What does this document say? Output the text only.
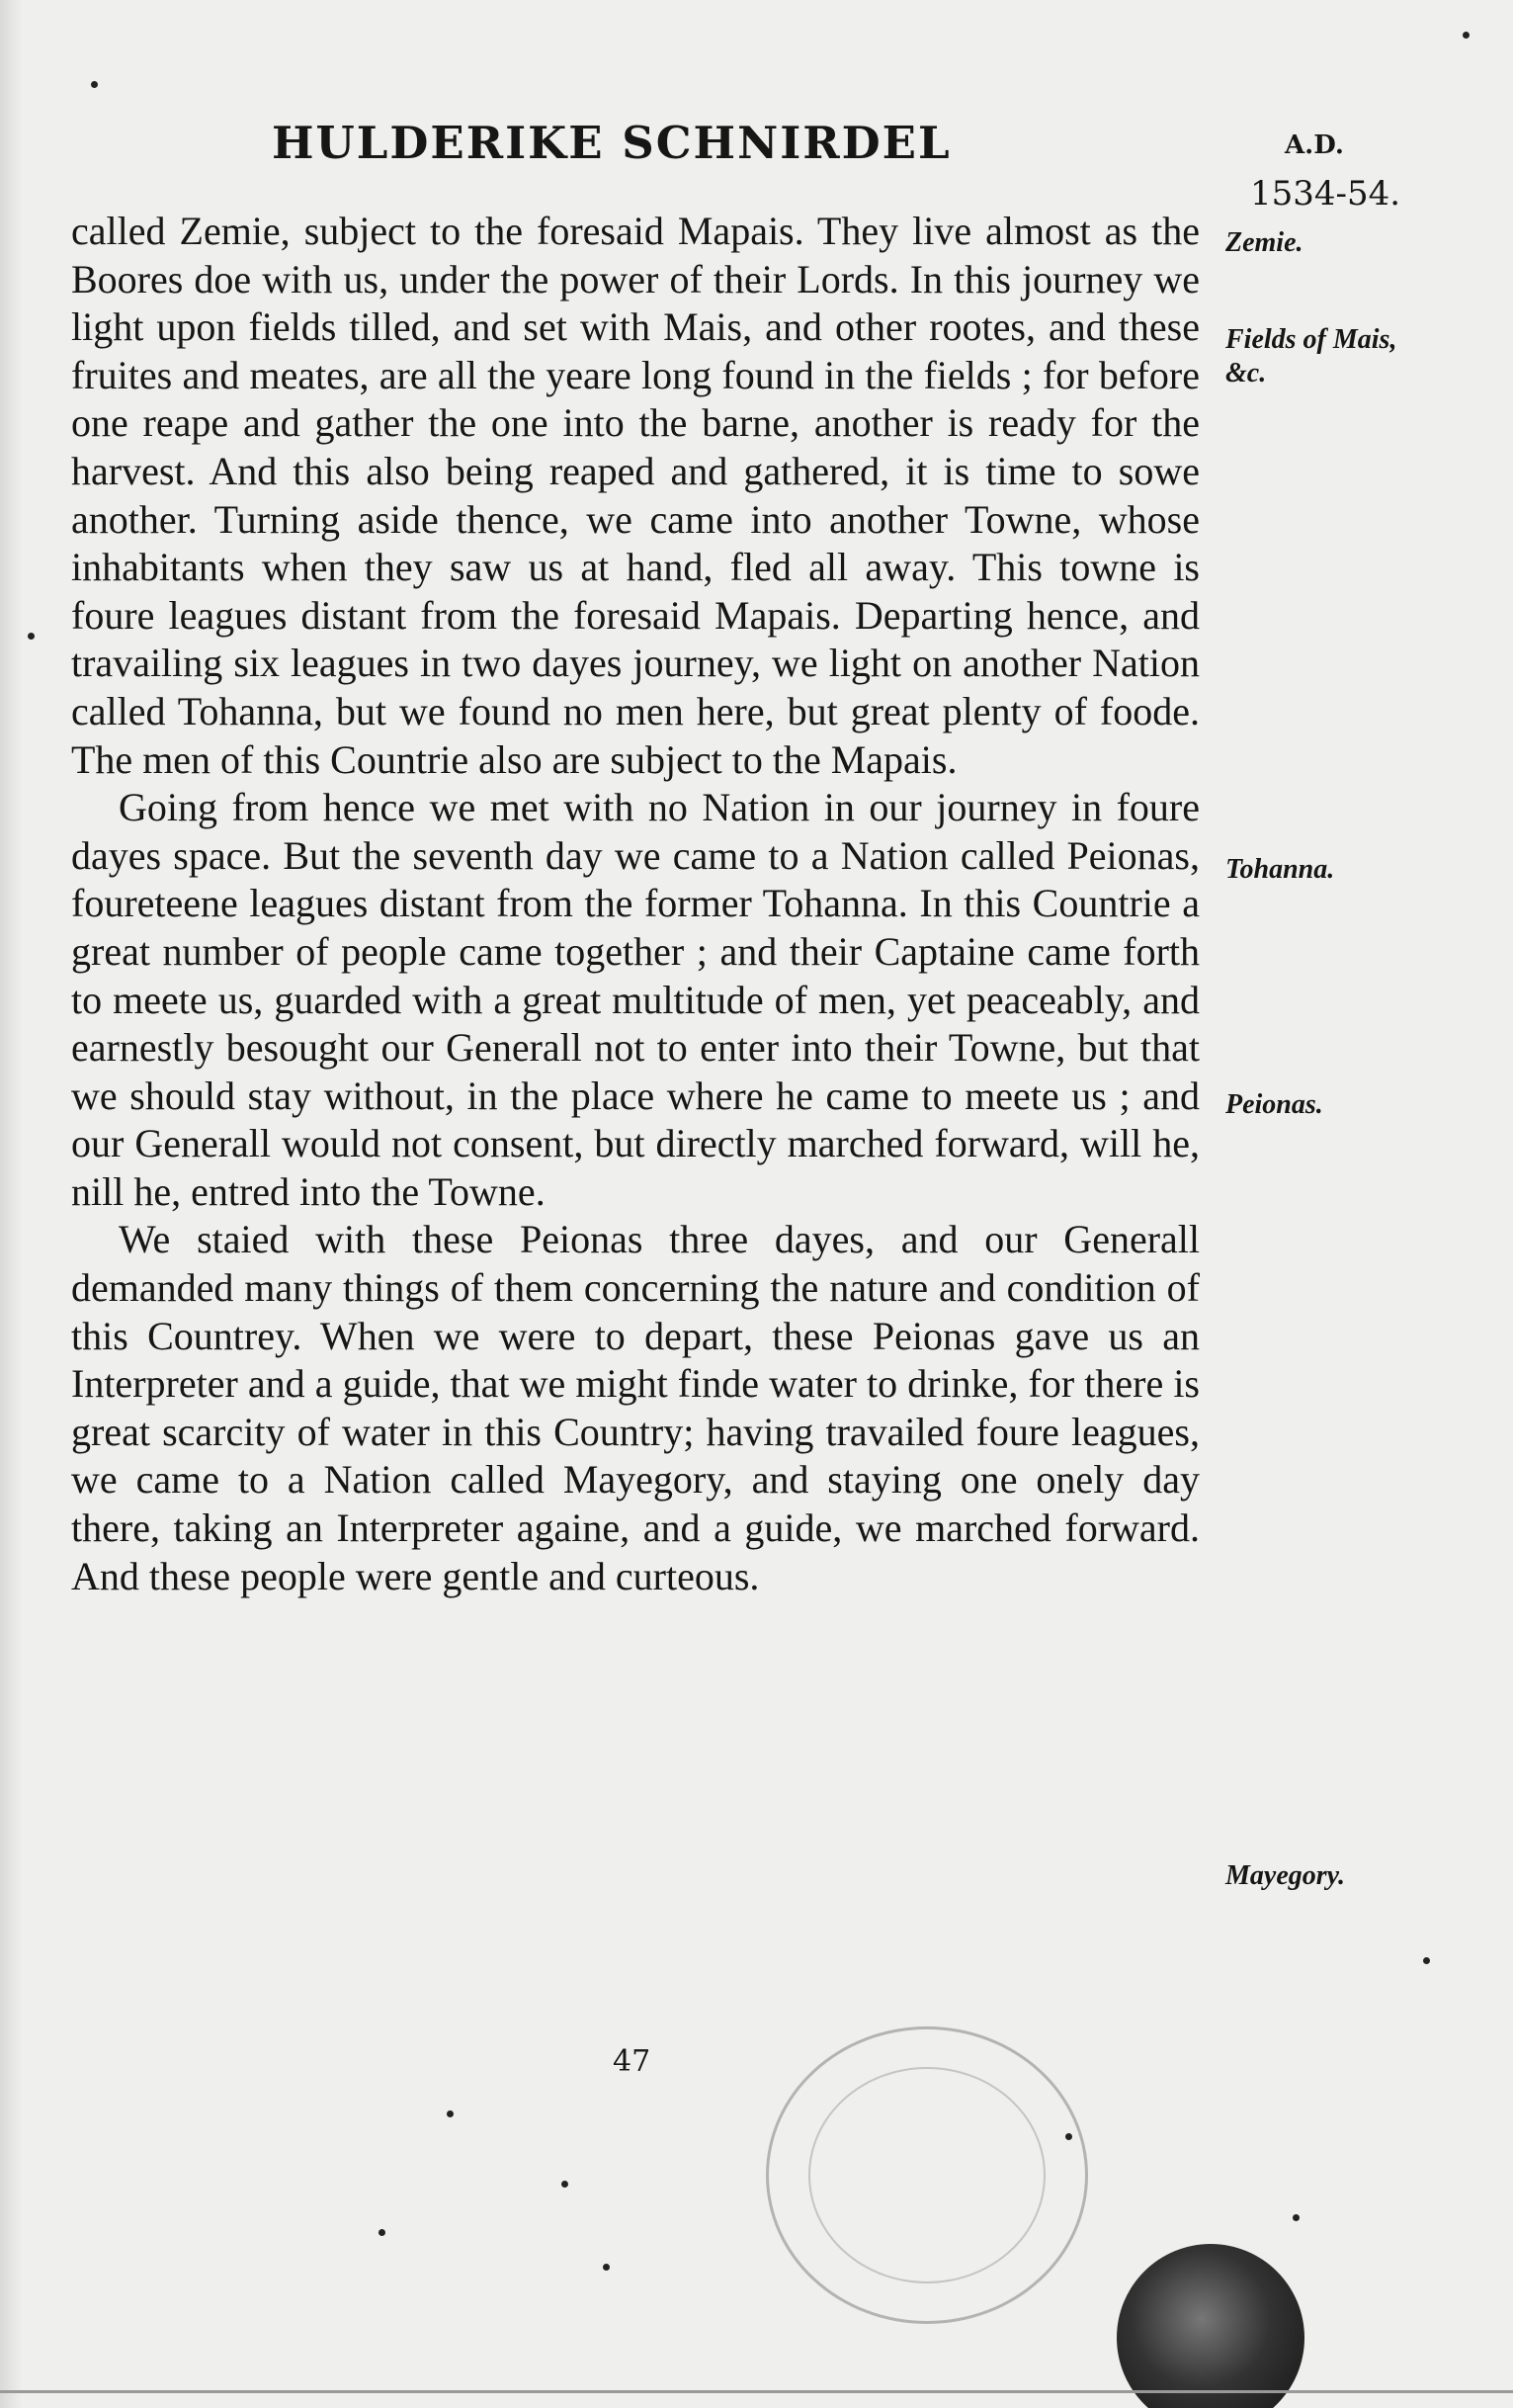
HULDERIKE SCHNIRDEL	A.D.
1534-54.

called Zemie, subject to the foresaid Mapais. They live almost as the Boores doe with us, under the power of their Lords. In this journey we light upon fields tilled, and set with Mais, and other rootes, and these fruites and meates, are all the yeare long found in the fields ; for before one reape and gather the one into the barne, another is ready for the harvest. And this also being reaped and gathered, it is time to sowe another. Turning aside thence, we came into another Towne, whose inhabitants when they saw us at hand, fled all away. This towne is foure leagues distant from the foresaid Mapais. Departing hence, and travailing six leagues in two dayes journey, we light on another Nation called Tohanna, but we found no men here, but great plenty of foode. The men of this Countrie also are subject to the Mapais.

Going from hence we met with no Nation in our journey in foure dayes space. But the seventh day we came to a Nation called Peionas, foureteene leagues distant from the former Tohanna. In this Countrie a great number of people came together ; and their Captaine came forth to meete us, guarded with a great multitude of men, yet peaceably, and earnestly besought our Generall not to enter into their Towne, but that we should stay without, in the place where he came to meete us ; and our Generall would not consent, but directly marched forward, will he, nill he, entred into the Towne.

We staied with these Peionas three dayes, and our Generall demanded many things of them concerning the nature and condition of this Countrey. When we were to depart, these Peionas gave us an Interpreter and a guide, that we might finde water to drinke, for there is great scarcity of water in this Country; having travailed foure leagues, we came to a Nation called Mayegory, and staying one onely day there, taking an Interpreter againe, and a guide, we marched forward. And these people were gentle and curteous.

Zemie.
Fields of Mais,
&c.
Tohanna.
Peionas.
Mayegory.
47
